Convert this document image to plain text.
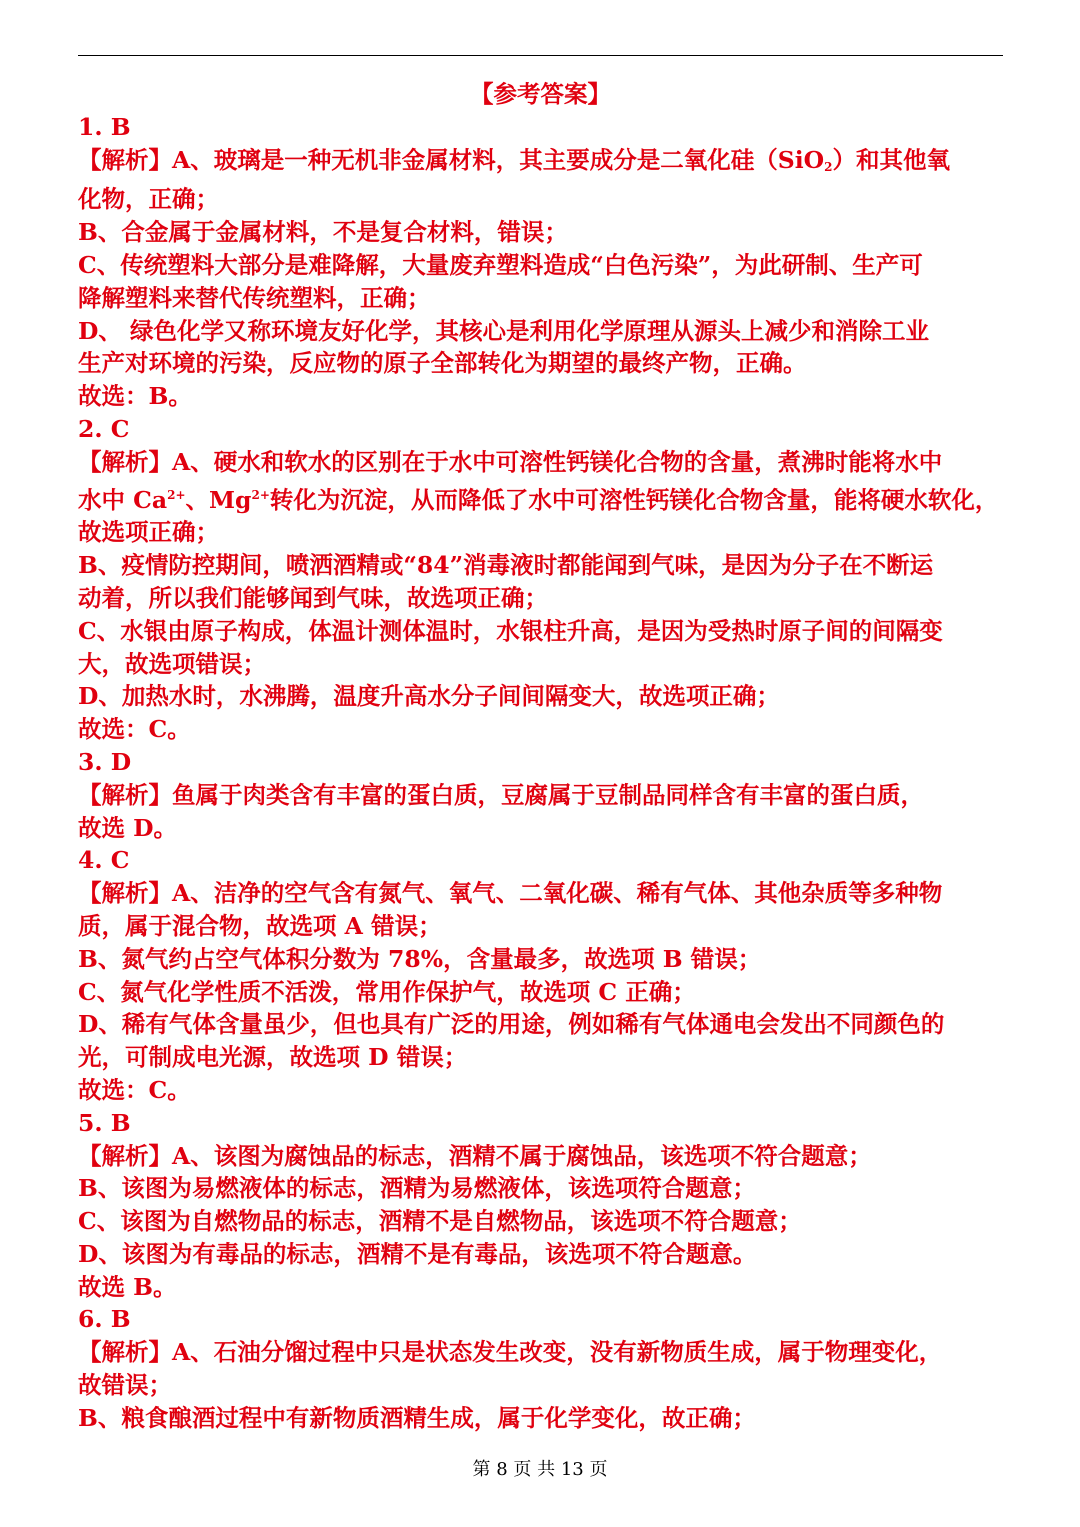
【参考答案】
1. B
【解析】A、玻璃是一种无机非金属材料，其主要成分是二氧化硅（SiO$_2$）和其他氧
化物，正确；
B、合金属于金属材料，不是复合材料，错误；
C、传统塑料大部分是难降解，大量废弃塑料造成“白色污染”，为此研制、生产可
降解塑料来替代传统塑料，正确；
D、 绿色化学又称环境友好化学，其核心是利用化学原理从源头上减少和消除工业
生产对环境的污染，反应物的原子全部转化为期望的最终产物，正确。
故选：B。
2. C
【解析】A、硬水和软水的区别在于水中可溶性钙镁化合物的含量，煮沸时能将水中
水中 $Ca^{2+}$、$Mg^{2+}$转化为沉淀，从而降低了水中可溶性钙镁化合物含量，能将硬水软化，
故选项正确；
B、疫情防控期间，喷洒酒精或“84”消毒液时都能闻到气味，是因为分子在不断运
动着，所以我们能够闻到气味，故选项正确；
C、水银由原子构成，体温计测体温时，水银柱升高，是因为受热时原子间的间隔变
大，故选项错误；
D、加热水时，水沸腾，温度升高水分子间间隔变大，故选项正确；
故选：C。
3. D
【解析】鱼属于肉类含有丰富的蛋白质，豆腐属于豆制品同样含有丰富的蛋白质，
故选 D。
4. C
【解析】A、洁净的空气含有氮气、氧气、二氧化碳、稀有气体、其他杂质等多种物
质，属于混合物，故选项 A 错误；
B、氮气约占空气体积分数为 78%，含量最多，故选项 B 错误；
C、氮气化学性质不活泼，常用作保护气，故选项 C 正确；
D、稀有气体含量虽少，但也具有广泛的用途，例如稀有气体通电会发出不同颜色的
光，可制成电光源，故选项 D 错误；
故选：C。
5. B
【解析】A、该图为腐蚀品的标志，酒精不属于腐蚀品，该选项不符合题意；
B、该图为易燃液体的标志，酒精为易燃液体，该选项符合题意；
C、该图为自燃物品的标志，酒精不是自燃物品，该选项不符合题意；
D、该图为有毒品的标志，酒精不是有毒品，该选项不符合题意。
故选 B。
6. B
【解析】A、石油分馏过程中只是状态发生改变，没有新物质生成，属于物理变化，
故错误；
B、粮食酿酒过程中有新物质酒精生成，属于化学变化，故正确；
第 8 页 共 13 页
